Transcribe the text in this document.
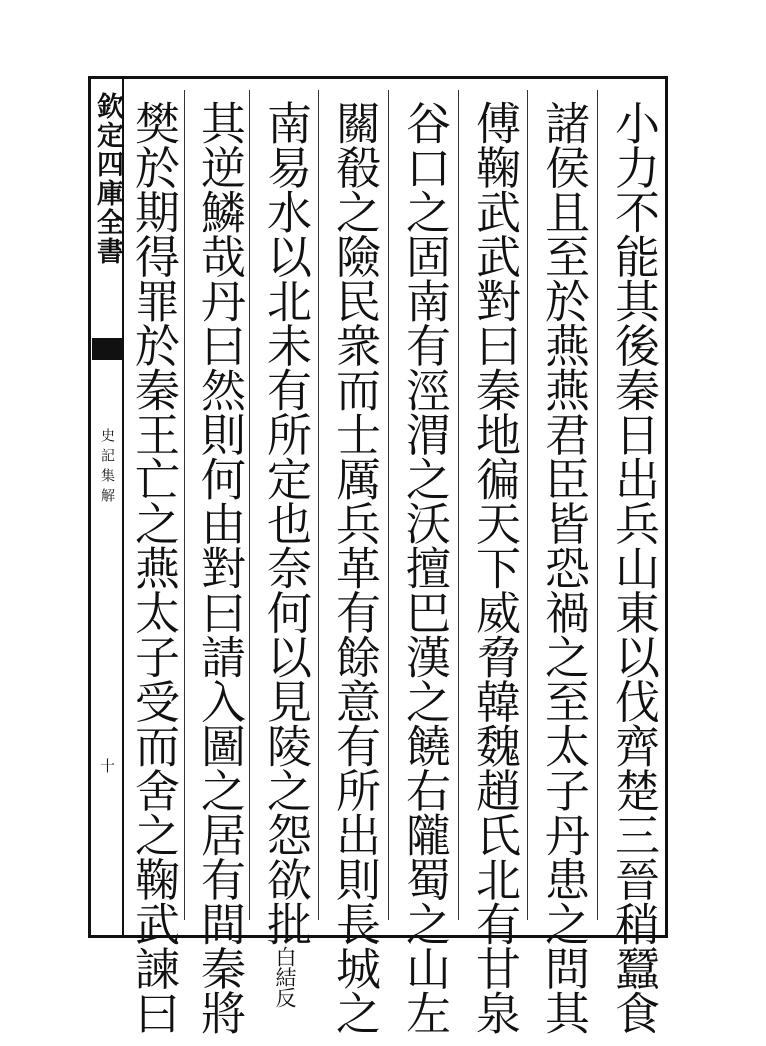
欽定四庫全書
史記集解
十	小力不能其後秦日出兵山東以伐齊楚三晉稍蠶食
諸侯且至於燕燕君臣皆恐禍之至太子丹患之問其
傅鞠武武對曰秦地徧天下威脅韓魏趙氏北有甘泉
谷口之固南有涇渭之沃擅巴漢之饒右隴蜀之山左
關殽之險民衆而士厲兵革有餘意有所出則長城之
南易水以北未有所定也奈何以見陵之怨欲批白結反
其逆鱗哉丹曰然則何由對曰請入圖之居有間秦將
樊於期得罪於秦王亡之燕太子受而舍之鞠武諫曰
